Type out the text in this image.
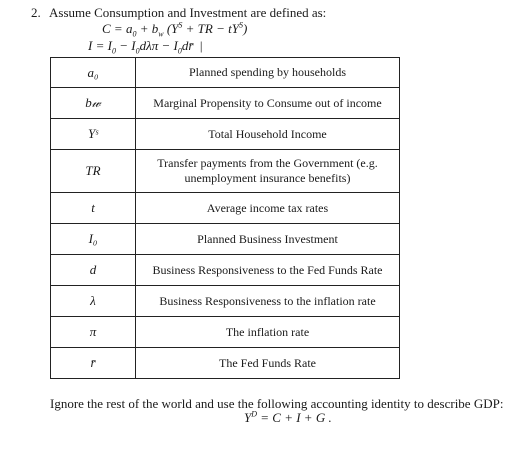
2. Assume Consumption and Investment are defined as:
$C = a_0 + b_w$ ($Y^S$ + TR − $tY^S$)
$I = I_0 - I_0d\lambda\pi$ − $I_0dr̄$ |
a₀	Planned spending by households
b𝓌	Marginal Propensity to Consume out of income
Yˢ	Total Household Income
TR	Transfer payments from the Government (e.g. unemployment insurance benefits)
t	Average income tax rates
I₀	Planned Business Investment
d	Business Responsiveness to the Fed Funds Rate
λ	Business Responsiveness to the inflation rate
π	The inflation rate
r̄	The Fed Funds Rate
Ignore the rest of the world and use the following accounting identity to describe GDP:
$Y^D = C + I + G$ .
